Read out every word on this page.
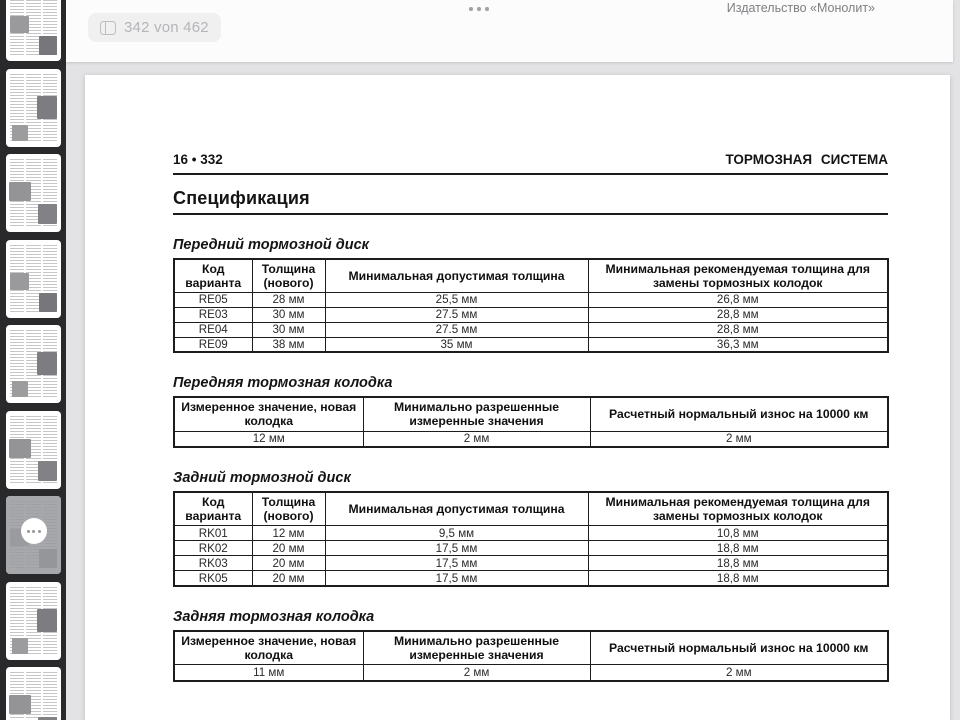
342 von 462
Издательство «Монолит»
16 • 332	ТОРМОЗНАЯ СИСТЕМА
Спецификация
Передний тормозной диск
Код варианта	Толщина (нового)	Минимальная допустимая толщина	Минимальная рекомендуемая толщина для замены тормозных колодок
RE05	28 мм	25,5 мм	26,8 мм
RE03	30 мм	27.5 мм	28,8 мм
RE04	30 мм	27.5 мм	28,8 мм
RE09	38 мм	35 мм	36,3 мм
Передняя тормозная колодка
Измеренное значение, новая колодка	Минимально разрешенные измеренные значения	Расчетный нормальный износ на 10000 км
12 мм	2 мм	2 мм
Задний тормозной диск
Код варианта	Толщина (нового)	Минимальная допустимая толщина	Минимальная рекомендуемая толщина для замены тормозных колодок
RK01	12 мм	9,5 мм	10,8 мм
RK02	20 мм	17,5 мм	18,8 мм
RK03	20 мм	17,5 мм	18,8 мм
RK05	20 мм	17,5 мм	18,8 мм
Задняя тормозная колодка
Измеренное значение, новая колодка	Минимально разрешенные измеренные значения	Расчетный нормальный износ на 10000 км
11 мм	2 мм	2 мм
